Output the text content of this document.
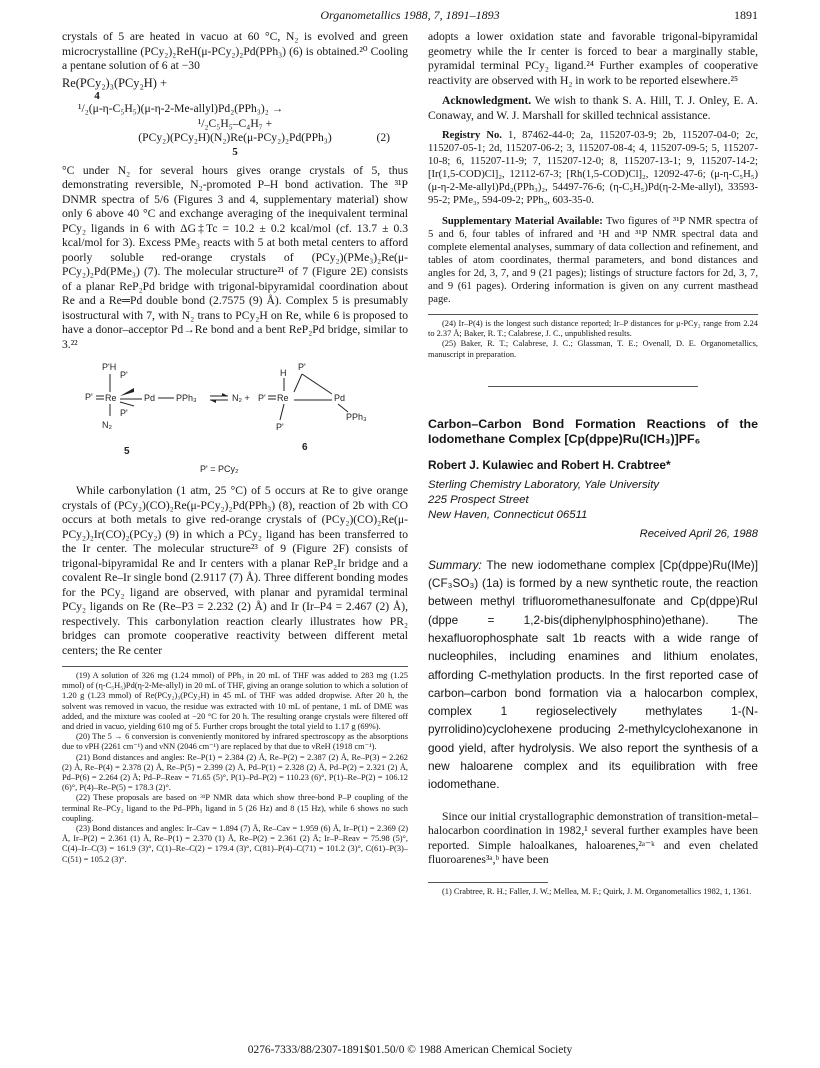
Organometallics 1988, 7, 1891–1893	1891

crystals of 5 are heated in vacuo at 60 °C, N₂ is evolved and green microcrystalline (PCy₂)₂ReH(μ-PCy₂)₂Pd(PPh₃) (6) is obtained.²⁰ Cooling a pentane solution of 6 at −30

Re(PCy₂)₃(PCy₂H) +
4
¹/₂(μ-η-C₅H₅)(μ-η-2-Me-allyl)Pd₂(PPh₃)₂ →
¹/₂C₅H₅–C₄H₇ +
(PCy₂)(PCy₂H)(N₂)Re(μ-PCy₂)₂Pd(PPh₃)	(2)
5

°C under N₂ for several hours gives orange crystals of 5, thus demonstrating reversible, N₂-promoted P–H bond activation. The ³¹P DNMR spectra of 5/6 (Figures 3 and 4, supplementary material) show only 6 above 40 °C and exchange averaging of the inequivalent terminal PCy₂ ligands in 6 with ΔG‡Tc = 10.2 ± 0.2 kcal/mol (cf. 13.7 ± 0.3 kcal/mol for 3). Excess PMe₃ reacts with 5 at both metal centers to afford poorly soluble red-orange crystals of (PCy₂)(PMe₃)₂Re(μ-PCy₂)₂Pd(PMe₃) (7). The molecular structure²¹ of 7 (Figure 2E) consists of a planar ReP₂Pd bridge with trigonal-bipyramidal coordination about Re and a Re═Pd double bond (2.7575 (9) Å). Complex 5 is presumably isostructural with 7, with N₂ trans to PCy₂H on Re, while 6 is proposed to have a donor–acceptor Pd→Re bond and a bent ReP₂Pd bridge, similar to 3.²²

P'H
P'
P' Re	Pd PPh₃
P'
N₂
5
N₂ + P' Re
H
P'
Pd
PPh₃
P'
6
P' = PCy₂

While carbonylation (1 atm, 25 °C) of 5 occurs at Re to give orange crystals of (PCy₂)(CO)₂Re(μ-PCy₂)₂Pd(PPh₃) (8), reaction of 2b with CO occurs at both metals to give red-orange crystals of (PCy₂)(CO)₂Re(μ-PCy₂)₂Ir(CO)₂(PCy₂) (9) in which a PCy₂ ligand has been transferred to the Ir center. The molecular structure²³ of 9 (Figure 2F) consists of trigonal-bipyramidal Re and Ir centers with a planar ReP₂Ir bridge and a covalent Re–Ir single bond (2.9117 (7) Å). Three different bonding modes for the PCy₂ ligand are observed, with planar and pyramidal terminal PCy₂ ligands on Re (Re–P3 = 2.232 (2) Å) and Ir (Ir–P4 = 2.467 (2) Å), respectively. This carbonylation reaction clearly illustrates how PR₂ bridges can promote cooperative reactivity between different metal centers; the Re center

(19) A solution of 326 mg (1.24 mmol) of PPh₃ in 20 mL of THF was added to 283 mg (1.25 mmol) of (η-C₅H₅)Pd(η-2-Me-allyl) in 20 mL of THF, giving an orange solution to which a solution of 1.20 g (1.23 mmol) of Re(PCy₂)₃(PCy₂H) in 45 mL of THF was added dropwise. After 20 h, the solvent was removed in vacuo, the residue was extracted with 10 mL of pentane, 1 mL of DME was added, and the mixture was cooled at −20 °C for 20 h. The resulting orange crystals were filtered off and dried in vacuo, yielding 610 mg of 5. Further crops brought the total yield to 1.17 g (69%).

(20) The 5 → 6 conversion is conveniently monitored by infrared spectroscopy as the absorptions due to νPH (2261 cm⁻¹) and νNN (2046 cm⁻¹) are replaced by that due to νReH (1918 cm⁻¹).

(21) Bond distances and angles: Re–P(1) = 2.384 (2) Å, Re–P(2) = 2.387 (2) Å, Re–P(3) = 2.262 (2) Å, Re–P(4) = 2.378 (2) Å, Re–P(5) = 2.399 (2) Å, Pd–P(1) = 2.328 (2) Å, Pd–P(2) = 2.321 (2) Å, Pd–P(6) = 2.264 (2) Å; Pd–P–Reav = 71.65 (5)°, P(1)–Pd–P(2) = 110.23 (6)°, P(1)–Re–P(2) = 106.12 (6)°, P(4)–Re–P(5) = 178.3 (2)°.

(22) These proposals are based on ³¹P NMR data which show three-bond P–P coupling of the terminal Re–PCy₂ ligand to the Pd–PPh₃ ligand in 5 (26 Hz) and 8 (15 Hz), while 6 shows no such coupling.

(23) Bond distances and angles: Ir–Cav = 1.894 (7) Å, Re–Cav = 1.959 (6) Å, Ir–P(1) = 2.369 (2) Å, Ir–P(2) = 2.361 (1) Å, Re–P(1) = 2.370 (1) Å, Re–P(2) = 2.361 (2) Å; Ir–P–Reav = 75.98 (5)°, C(4)–Ir–C(3) = 161.9 (3)°, C(1)–Re–C(2) = 179.4 (3)°, C(81)–P(4)–C(71) = 101.2 (3)°, C(61)–P(3)–C(51) = 105.2 (3)°.

adopts a lower oxidation state and favorable trigonal-bipyramidal geometry while the Ir center is forced to bear a marginally stable, pyramidal terminal PCy₂ ligand.²⁴ Further examples of cooperative reactivity are observed with H₂ in work to be reported elsewhere.²⁵

Acknowledgment. We wish to thank S. A. Hill, T. J. Onley, E. A. Conaway, and W. J. Marshall for skilled technical assistance.

Registry No. 1, 87462-44-0; 2a, 115207-03-9; 2b, 115207-04-0; 2c, 115207-05-1; 2d, 115207-06-2; 3, 115207-08-4; 4, 115207-09-5; 5, 115207-10-8; 6, 115207-11-9; 7, 115207-12-0; 8, 115207-13-1; 9, 115207-14-2; [Ir(1,5-COD)Cl]₂, 12112-67-3; [Rh(1,5-COD)Cl]₂, 12092-47-6; (μ-η-C₅H₅)(μ-η-2-Me-allyl)Pd₂(PPh₃)₂, 54497-76-6; (η-C₅H₅)Pd(η-2-Me-allyl), 33593-95-2; PMe₃, 594-09-2; PPh₃, 603-35-0.

Supplementary Material Available: Two figures of ³¹P NMR spectra of 5 and 6, four tables of infrared and ¹H and ³¹P NMR spectral data and complete elemental analyses, summary of data collection and refinement, and tables of atom coordinates, thermal parameters, and bond distances and angles for 2d, 3, 7, and 9 (21 pages); listings of structure factors for 2d, 3, 7, and 9 (61 pages). Ordering information is given on any current masthead page.

(24) Ir–P(4) is the longest such distance reported; Ir–P distances for μ-PCy₂ range from 2.24 to 2.37 Å; Baker, R. T.; Calabrese, J. C., unpublished results.

(25) Baker, R. T.; Calabrese, J. C.; Glassman, T. E.; Ovenall, D. E. Organometallics, manuscript in preparation.

Carbon–Carbon Bond Formation Reactions of the Iodomethane Complex [Cp(dppe)Ru(ICH₃)]PF₆

Robert J. Kulawiec and Robert H. Crabtree*

Sterling Chemistry Laboratory, Yale University

225 Prospect Street

New Haven, Connecticut 06511

Received April 26, 1988

Summary: The new iodomethane complex [Cp(dppe)Ru(IMe)](CF₃SO₃) (1a) is formed by a new synthetic route, the reaction between methyl trifluoromethanesulfonate and Cp(dppe)RuI (dppe = 1,2-bis(diphenylphosphino)ethane). The hexafluorophosphate salt 1b reacts with a wide range of nucleophiles, including enamines and lithium enolates, affording C-methylation products. In the first reported case of carbon–carbon bond formation via a halocarbon complex, complex 1 regioselectively methylates 1-(N-pyrrolidino)cyclohexene producing 2-methylcyclohexanone in good yield, after hydrolysis. We also report the synthesis of a new haloarene complex and its equilibration with free iodomethane.

Since our initial crystallographic demonstration of transition-metal–halocarbon coordination in 1982,¹ several further examples have been reported. Simple haloalkanes, haloarenes,²ᵃ⁻ᵏ and even chelated fluoroarenes³ᵃ,ᵇ have been

(1) Crabtree, R. H.; Faller, J. W.; Mellea, M. F.; Quirk, J. M. Organometallics 1982, 1, 1361.

0276-7333/88/2307-1891$01.50/0 © 1988 American Chemical Society
